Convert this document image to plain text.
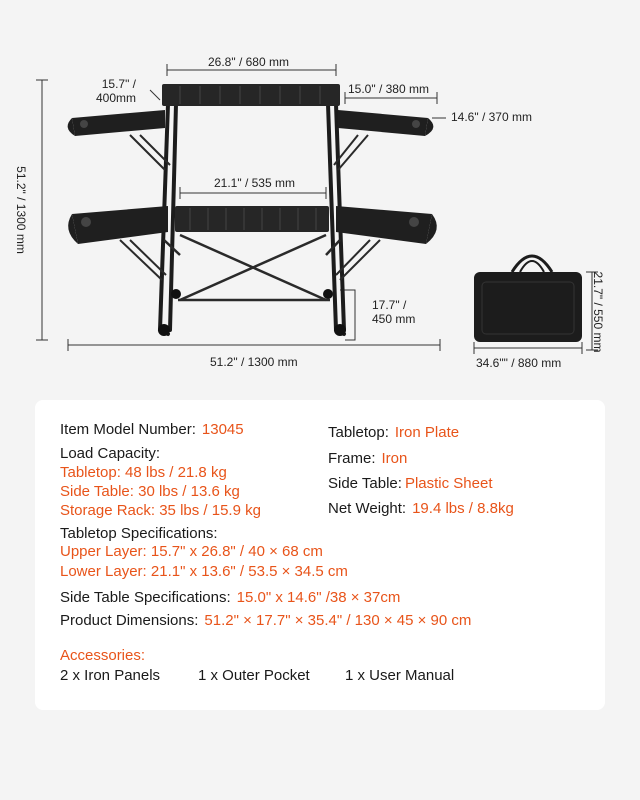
26.8" / 680 mm
15.7" /
400mm
15.0" / 380 mm
14.6" / 370 mm
21.1" / 535 mm
51.2" / 1300 mm
17.7" /
450 mm
51.2" / 1300 mm
21.7" / 550 mm
34.6"" / 880 mm
Item Model Number: 13045
Load Capacity:
Tabletop: 48 lbs / 21.8 kg
Side Table: 30 lbs / 13.6 kg
Storage Rack: 35 lbs / 15.9 kg
Tabletop Specifications:
Upper Layer: 15.7" x 26.8" / 40 × 68 cm
Lower Layer: 21.1" x 13.6" / 53.5 × 34.5 cm
Tabletop: Iron Plate
Frame: Iron
Side Table: Plastic Sheet
Net Weight: 19.4 lbs / 8.8kg
Side Table Specifications: 15.0" x 14.6" /38 × 37cm
Product Dimensions: 51.2" × 17.7" × 35.4" / 130 × 45 × 90 cm
Accessories:
2 x Iron Panels	1 x Outer Pocket 1 x User Manual
